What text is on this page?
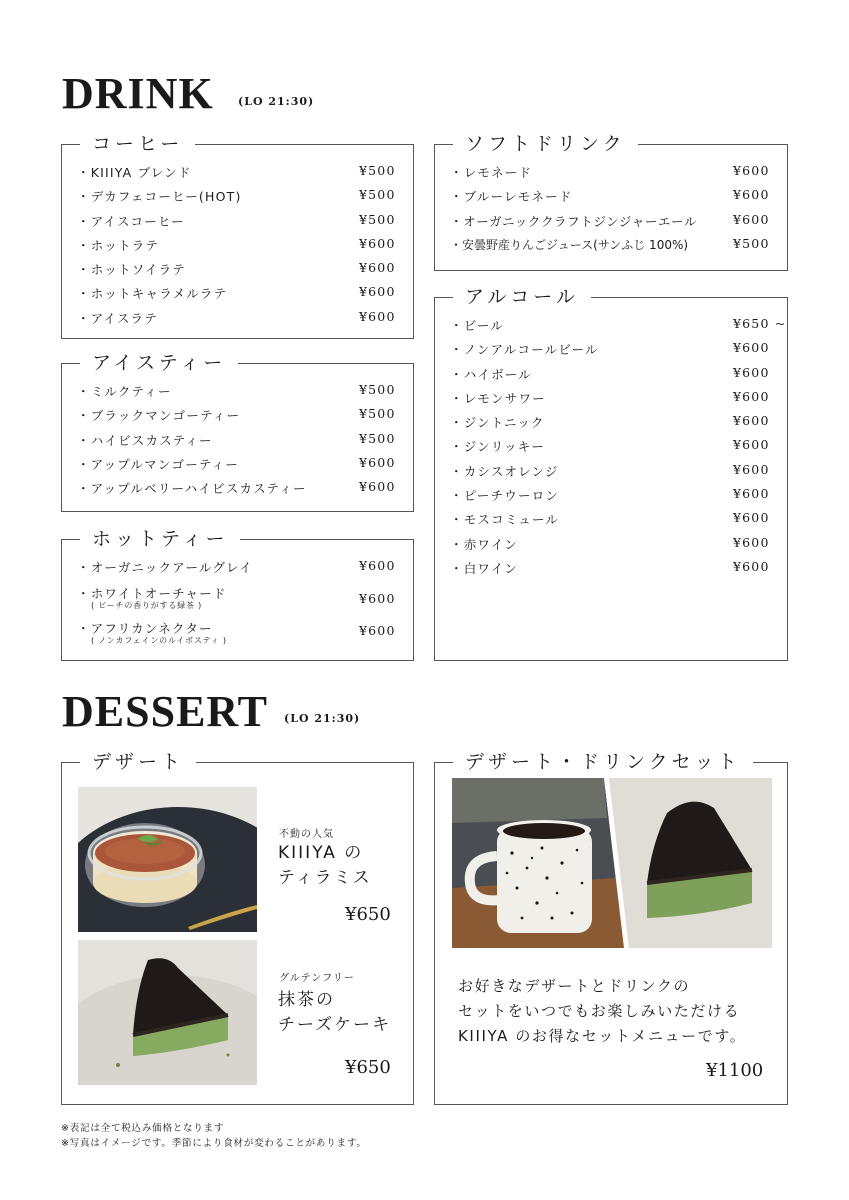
DRINK (LO 21:30)
コーヒー
・KIIIYA ブレンド	¥500
・デカフェコーヒー(HOT)	¥500
・アイスコーヒー	¥500
・ホットラテ	¥600
・ホットソイラテ	¥600
・ホットキャラメルラテ	¥600
・アイスラテ	¥600
アイスティー
・ミルクティー	¥500
・ブラックマンゴーティー	¥500
・ハイビスカスティー	¥500
・アップルマンゴーティー	¥600
・アップルベリーハイビスカスティー	¥600
ホットティー
・オーガニックアールグレイ	¥600
・ホワイトオーチャード	¥600
( ピーチの香りがする緑茶 )
・アフリカンネクター	¥600
( ノンカフェインのルイボスティ )
ソフトドリンク
・レモネード	¥600
・ブルーレモネード	¥600
・オーガニッククラフトジンジャーエール	¥600
・安曇野産りんごジュース(サンふじ 100%)	¥500
アルコール
・ビール	¥650 ~
・ノンアルコールビール	¥600
・ハイボール	¥600
・レモンサワー	¥600
・ジントニック	¥600
・ジンリッキー	¥600
・カシスオレンジ	¥600
・ピーチウーロン	¥600
・モスコミュール	¥600
・赤ワイン	¥600
・白ワイン	¥600
DESSERT (LO 21:30)
デザート
不動の人気
KIIIYA の
ティラミス
¥650
グルテンフリー
抹茶の
チーズケーキ
¥650
デザート・ドリンクセット
お好きなデザートとドリンクの
セットをいつでもお楽しみいただける
KIIIYA のお得なセットメニューです。
¥1100
※表記は全て税込み価格となります
※写真はイメージです。季節により食材が変わることがあります。
